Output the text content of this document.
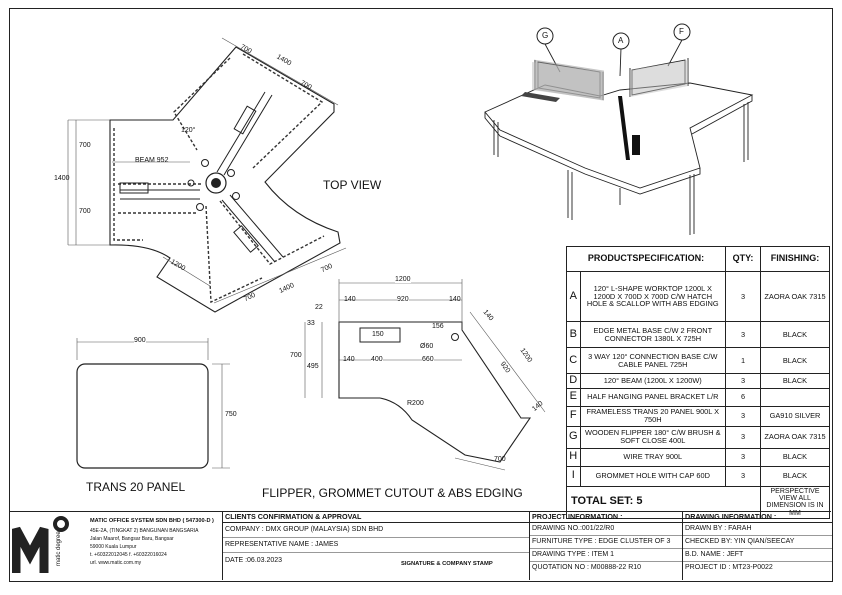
700
1400
700
700
1400
700
BEAM 952
120°
1200
700
1400
700
TOP VIEW
G
A
F
900
750
TRANS 20 PANEL
1200
140	920	140
140
22
33
150
156
Ø60
700
495
140 400	660	1200
920
R200	140
700
FLIPPER, GROMMET CUTOUT & ABS EDGING
PRODUCTSPECIFICATION:		QTY:	FINISHING:
A	120° L-SHAPE WORKTOP 1200L X 1200D X 700D X 700D C/W HATCH HOLE & SCALLOP WITH ABS EDGING	3	ZAORA OAK 7315
B	EDGE METAL BASE C/W 2 FRONT CONNECTOR 1380L X 725H	3	BLACK
C	3 WAY 120° CONNECTION BASE C/W CABLE PANEL 725H	1	BLACK
D	120° BEAM (1200L X 1200W)	3	BLACK
E	HALF HANGING PANEL BRACKET L/R	6	
F	FRAMELESS TRANS 20 PANEL 900L X 750H	3	GA910 SILVER
G	WOODEN FLIPPER 180° C/W BRUSH & SOFT CLOSE 400L	3	ZAORA OAK 7315
H	WIRE TRAY 900L	3	BLACK
I	GROMMET HOLE WITH CAP 60D	3	BLACK
TOTAL SET: 5			PERSPECTIVE VIEW ALL DIMENSION IS IN MM
matic degree
MATIC OFFICE SYSTEM SDN BHD ( 547300-D )
45E-2A, (TINGKAT 2) BANGUNAN BANGSARIA
Jalan Maarof, Bangsar Baru, Bangsar
59000 Kuala Lumpur
t. +60322012045 f. +60322016024
url. www.matic.com.my
CLIENTS CONFIRMATION & APPROVAL
COMPANY : DMX GROUP (MALAYSIA) SDN BHD
REPRESENTATIVE NAME : JAMES
DATE :06.03.2023	SIGNATURE & COMPANY STAMP
PROJECT INFORMATION :
DRAWING NO.:001/22/R0
FURNITURE TYPE : EDGE CLUSTER OF 3
DRAWING TYPE : ITEM 1
QUOTATION NO : M00888-22 R10
DRAWING INFORMATION :
DRAWN BY : FARAH
CHECKED BY: YIN QIAN/SEECAY
B.D. NAME : JEFT
PROJECT ID : MT23-P0022
